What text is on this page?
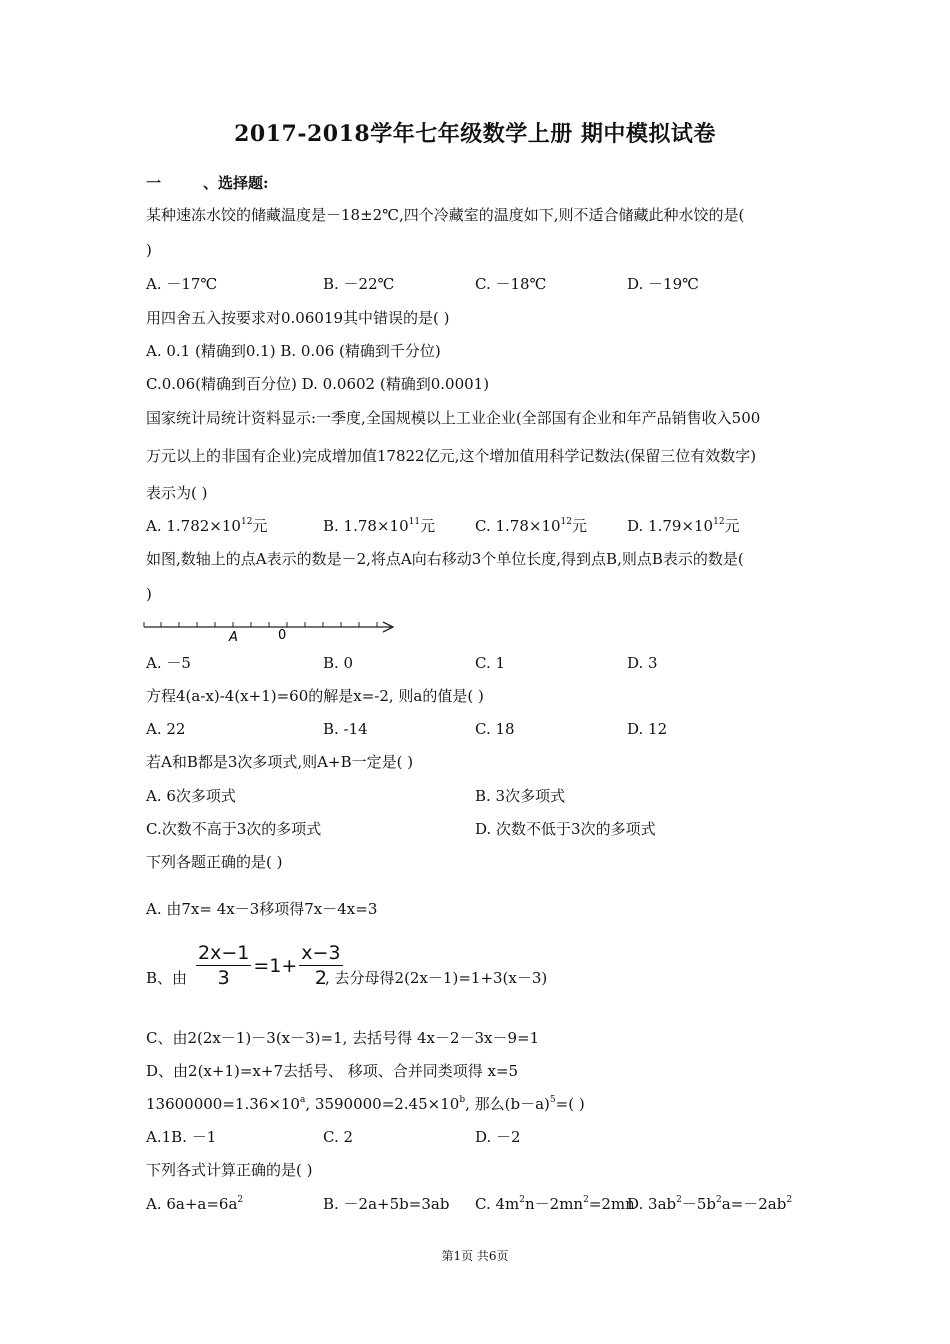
2017-2018学年七年级数学上册 期中模拟试卷
一	、选择题:
某种速冻水饺的储藏温度是－18±2℃,四个冷藏室的温度如下,则不适合储藏此种水饺的是(
)
A. －17℃	B. －22℃	C. －18℃	D. －19℃
用四舍五入按要求对0.06019其中错误的是( )
A. 0.1 (精确到0.1) B. 0.06 (精确到千分位)
C.0.06(精确到百分位) D. 0.0602 (精确到0.0001)
国家统计局统计资料显示:一季度,全国规模以上工业企业(全部国有企业和年产品销售收入500
万元以上的非国有企业)完成增加值17822亿元,这个增加值用科学记数法(保留三位有效数字)
表示为( )
A. $1.782\times 10^{12}$元	B. $1.78\times 10^{11}$元	C. $1.78\times 10^{12}$元	D. $1.79\times 10^{12}$元
如图,数轴上的点A表示的数是－2,将点A向右移动3个单位长度,得到点B,则点B表示的数是(
)
A	0
A. －5	B. 0	C. 1	D. 3
方程4(a-x)-4(x+1)=60的解是x=-2, 则a的值是( )
A. 22	B. -14	C. 18	D. 12
若A和B都是3次多项式,则A+B一定是( )
A. 6次多项式	B. 3次多项式
C.次数不高于3次的多项式	D. 次数不低于3次的多项式
下列各题正确的是( )
A. 由7x= 4x－3移项得7x－4x=3
B、由 $\frac{2x-1}{3} =1+ \frac{x-3}{2}$
, 去分母得2(2x－1)=1+3(x－3)
C、由2(2x－1)－3(x－3)=1, 去括号得 4x－2－3x－9=1
D、由2(x+1)=x+7去括号、 移项、合并同类项得 x=5
$13600000=1.36\times 10^a$, $3590000=2.45\times 10^b$, 那么$(b-a)^5=$( )
A.1B. －1	C. 2	D. －2
下列各式计算正确的是( )
A. $6a+a=6a^2$	B. －2a+5b=3ab C. $4m^2n-2mn^2=2mn$
D. $3ab^2-5b^2a=-2ab^2$
第1页 共6页
